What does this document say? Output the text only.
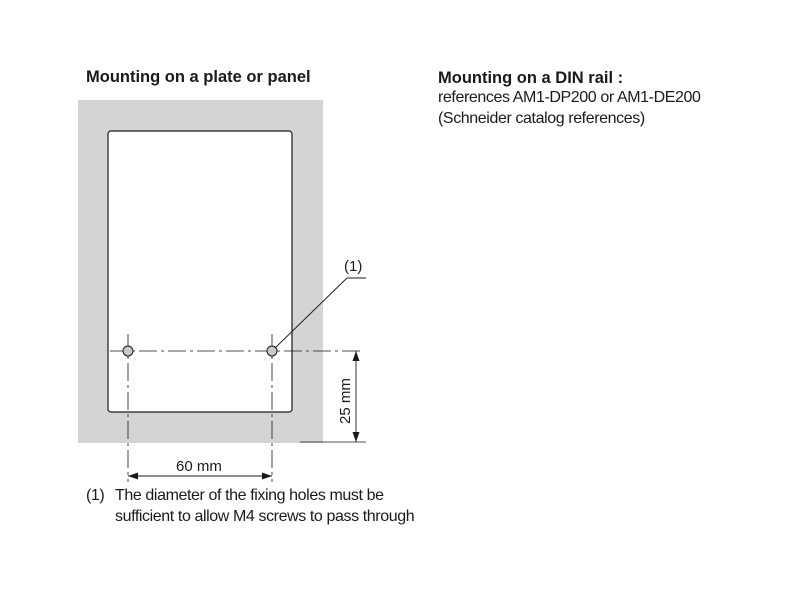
Mounting on a plate or panel	Mounting on a DIN rail :
references AM1-DP200 or AM1-DE200
(Schneider catalog references)
(1)
25 mm
60 mm
(1) The diameter of the fixing holes must be
sufficient to allow M4 screws to pass through
